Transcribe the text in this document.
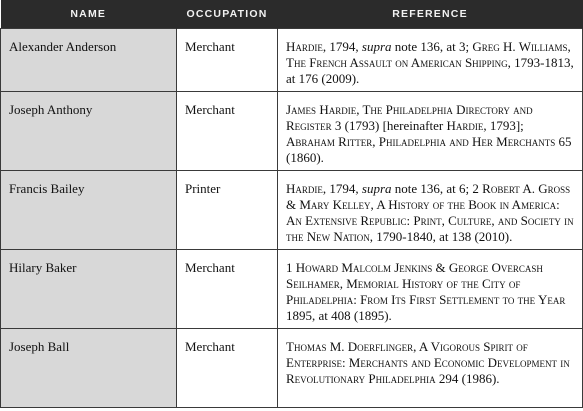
NAME	OCCUPATION	REFERENCE
Alexander Anderson	Merchant	Hardie, 1794, supra note 136, at 3; Greg H. Williams, The French Assault on American Shipping, 1793-1813, at 176 (2009).
Joseph Anthony	Merchant	James Hardie, The Philadelphia Directory and Register 3 (1793) [hereinafter Hardie, 1793]; Abraham Ritter, Philadelphia and Her Merchants 65 (1860).
Francis Bailey	Printer	Hardie, 1794, supra note 136, at 6; 2 Robert A. Gross & Mary Kelley, A History of the Book in America: An Extensive Republic: Print, Culture, and Society in the New Nation, 1790-1840, at 138 (2010).
Hilary Baker	Merchant	1 Howard Malcolm Jenkins & George Overcash Seilhamer, Memorial History of the City of Philadelphia: From Its First Settlement to the Year 1895, at 408 (1895).
Joseph Ball	Merchant	Thomas M. Doerflinger, A Vigorous Spirit of Enterprise: Merchants and Economic Development in Revolutionary Philadelphia 294 (1986).
